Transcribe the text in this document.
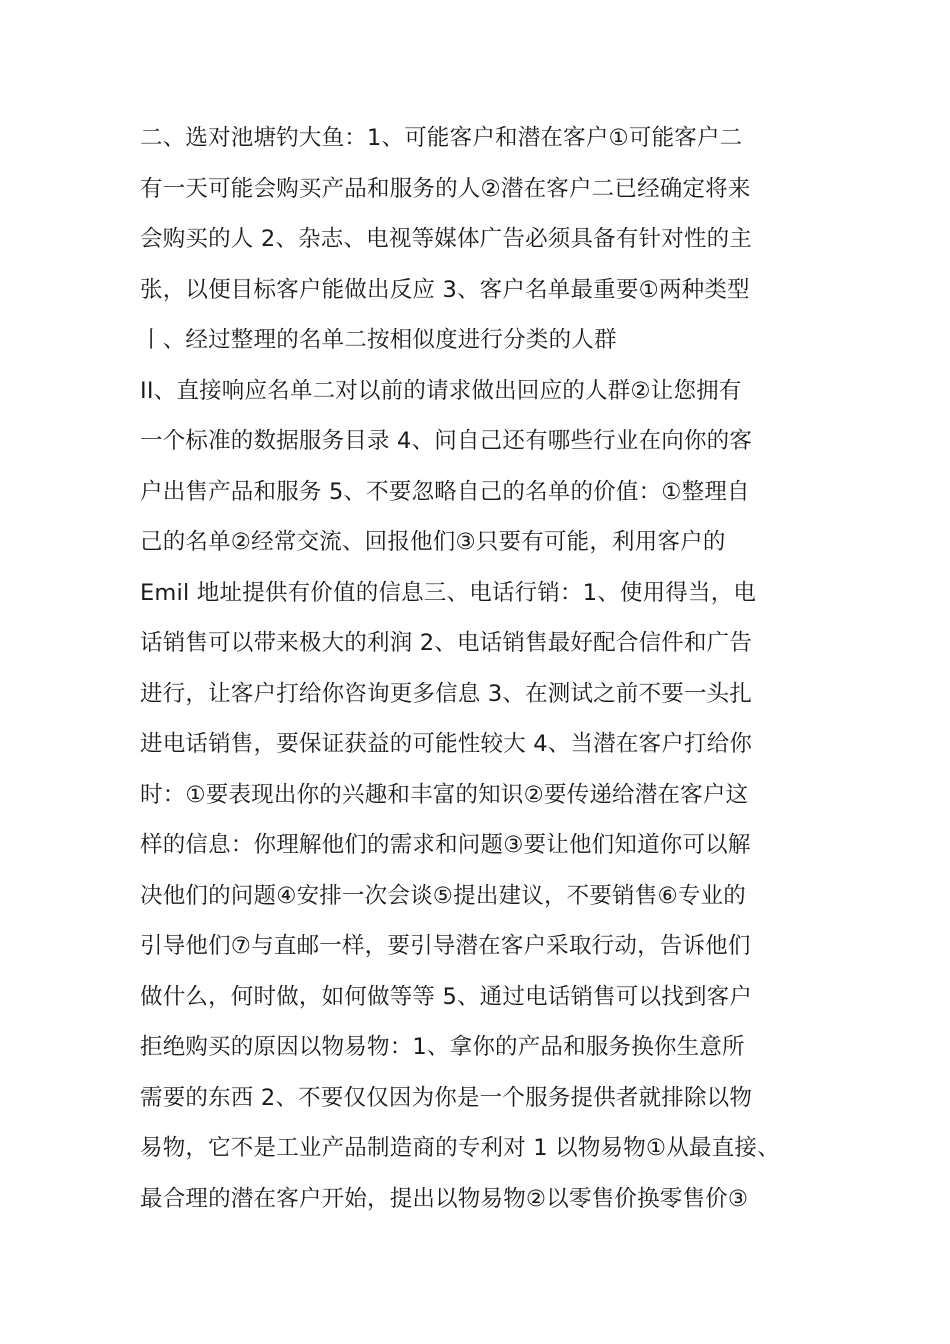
二、选对池塘钓大鱼：1、可能客户和潜在客户①可能客户二
有一天可能会购买产品和服务的人②潜在客户二已经确定将来
会购买的人 2、杂志、电视等媒体广告必须具备有针对性的主
张，以便目标客户能做出反应 3、客户名单最重要①两种类型
丨、经过整理的名单二按相似度进行分类的人群
II、直接响应名单二对以前的请求做出回应的人群②让您拥有
一个标准的数据服务目录 4、问自己还有哪些行业在向你的客
户出售产品和服务 5、不要忽略自己的名单的价值：①整理自
己的名单②经常交流、回报他们③只要有可能，利用客户的
Emil 地址提供有价值的信息三、电话行销：1、使用得当，电
话销售可以带来极大的利润 2、电话销售最好配合信件和广告
进行，让客户打给你咨询更多信息 3、在测试之前不要一头扎
进电话销售，要保证获益的可能性较大 4、当潜在客户打给你
时：①要表现出你的兴趣和丰富的知识②要传递给潜在客户这
样的信息：你理解他们的需求和问题③要让他们知道你可以解
决他们的问题④安排一次会谈⑤提出建议，不要销售⑥专业的
引导他们⑦与直邮一样，要引导潜在客户采取行动，告诉他们
做什么，何时做，如何做等等 5、通过电话销售可以找到客户
拒绝购买的原因以物易物：1、拿你的产品和服务换你生意所
需要的东西 2、不要仅仅因为你是一个服务提供者就排除以物
易物，它不是工业产品制造商的专利对 1 以物易物①从最直接、
最合理的潜在客户开始，提出以物易物②以零售价换零售价③
